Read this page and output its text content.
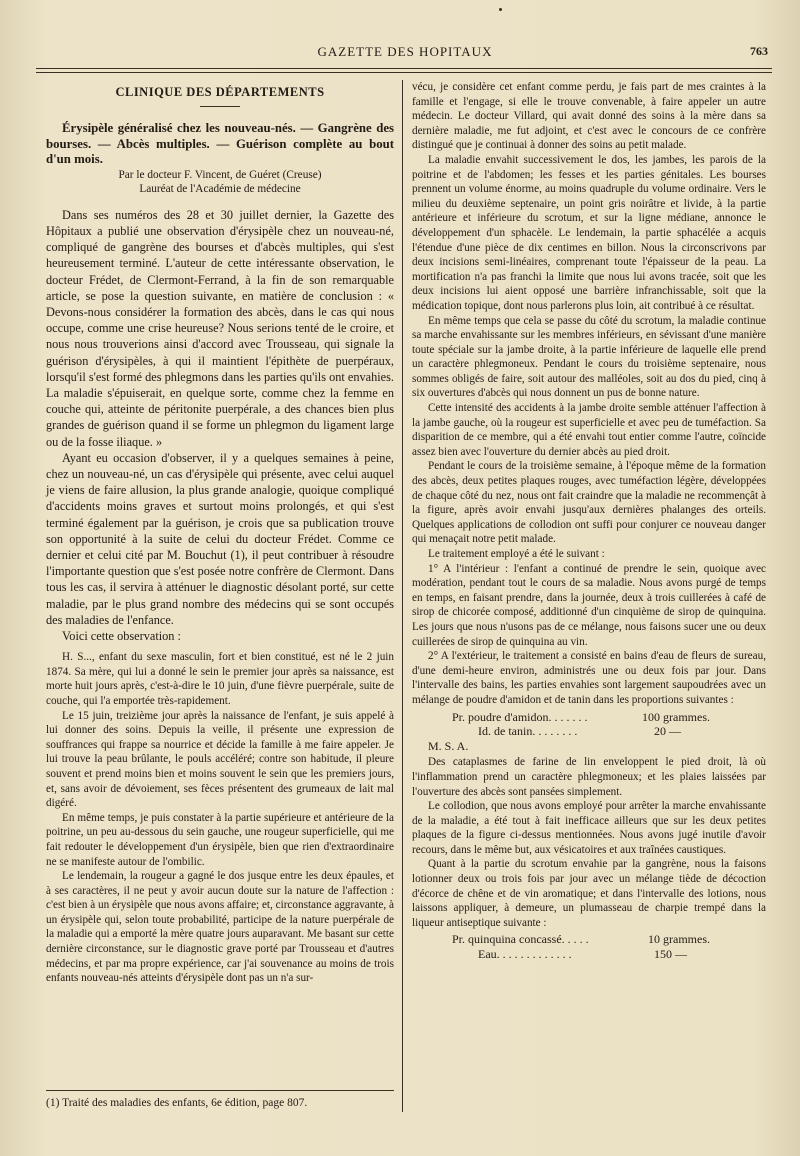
GAZETTE DES HOPITAUX	763
CLINIQUE DES DÉPARTEMENTS

Érysipèle généralisé chez les nouveau-nés. — Gangrène des bourses. — Abcès multiples. — Guérison complète au bout d'un mois.

Par le docteur F. Vincent, de Guéret (Creuse)
Lauréat de l'Académie de médecine

Dans ses numéros des 28 et 30 juillet dernier, la Gazette des Hôpitaux a publié une observation d'érysipèle chez un nouveau-né, compliqué de gangrène des bourses et d'abcès multiples, qui s'est heureusement terminé. L'auteur de cette intéressante observation, le docteur Frédet, de Clermont-Ferrand, à la fin de son remarquable article, se pose la question suivante, en matière de conclusion : « Devons-nous considérer la formation des abcès, dans le cas qui nous occupe, comme une crise heureuse? Nous serions tenté de le croire, et nous nous trouverions ainsi d'accord avec Trousseau, qui signale la guérison d'érysipèles, à qui il maintient l'épithète de puerpéraux, lorsqu'il s'est formé des phlegmons dans les parties qu'ils ont envahies. La maladie s'épuiserait, en quelque sorte, comme chez la femme en couche qui, atteinte de péritonite puerpérale, a des chances bien plus grandes de guérison quand il se forme un phlegmon du ligament large ou de la fosse iliaque. »

Ayant eu occasion d'observer, il y a quelques semaines à peine, chez un nouveau-né, un cas d'érysipèle qui présente, avec celui auquel je viens de faire allusion, la plus grande analogie, quoique compliqué d'accidents moins graves et surtout moins prolongés, et qui s'est terminé également par la guérison, je crois que sa publication trouve son opportunité à la suite de celui du docteur Frédet. Comme ce dernier et celui cité par M. Bouchut (1), il peut contribuer à résoudre l'importante question que s'est posée notre confrère de Clermont. Dans tous les cas, il servira à atténuer le diagnostic désolant porté, sur cette maladie, par le plus grand nombre des médecins qui se sont occupés des maladies de l'enfance.

Voici cette observation :

H. S..., enfant du sexe masculin, fort et bien constitué, est né le 2 juin 1874. Sa mère, qui lui a donné le sein le premier jour après sa naissance, est morte huit jours après, c'est-à-dire le 10 juin, d'une fièvre puerpérale, suite de couche, qui l'a emportée très-rapidement.

Le 15 juin, treizième jour après la naissance de l'enfant, je suis appelé à lui donner des soins. Depuis la veille, il présente une expression de souffrances qui frappe sa nourrice et décide la famille à me faire appeler. Je lui trouve la peau brûlante, le pouls accéléré; contre son habitude, il pleure souvent et prend moins bien et moins souvent le sein que les premiers jours, et, sans avoir de dévoiement, ses fèces présentent des grumeaux de lait mal digéré.

En même temps, je puis constater à la partie supérieure et antérieure de la poitrine, un peu au-dessous du sein gauche, une rougeur superficielle, qui me fait redouter le développement d'un érysipèle, bien que rien d'extraordinaire ne se manifeste autour de l'ombilic.

Le lendemain, la rougeur a gagné le dos jusque entre les deux épaules, et à ses caractères, il ne peut y avoir aucun doute sur la nature de l'affection : c'est bien à un érysipèle que nous avons affaire; et, circonstance aggravante, à un érysipèle qui, selon toute probabilité, participe de la nature puerpérale de la maladie qui a emporté la mère quatre jours auparavant. Me basant sur cette dernière circonstance, sur le diagnostic grave porté par Trousseau et d'autres médecins, et par ma propre expérience, car j'ai souvenance au moins de trois enfants nouveau-nés atteints d'érysipèle dont pas un n'a sur-

(1) Traité des maladies des enfants, 6e édition, page 807.

vécu, je considère cet enfant comme perdu, je fais part de mes craintes à la famille et l'engage, si elle le trouve convenable, à faire appeler un autre médecin. Le docteur Villard, qui avait donné des soins à la mère dans sa dernière maladie, me fut adjoint, et c'est avec le concours de ce confrère distingué que je continuai à donner des soins au petit malade.

La maladie envahit successivement le dos, les jambes, les parois de la poitrine et de l'abdomen; les fesses et les parties génitales. Les bourses prennent un volume énorme, au moins quadruple du volume ordinaire. Vers le milieu du deuxième septenaire, un point gris noirâtre et livide, à la partie antérieure et inférieure du scrotum, et sur la ligne médiane, annonce le développement d'un sphacèle. Le lendemain, la partie sphacélée a acquis l'étendue d'une pièce de dix centimes en billon. Nous la circonscrivons par deux incisions semi-linéaires, comprenant toute l'épaisseur de la peau. La mortification n'a pas franchi la limite que nous lui avons tracée, soit que les deux incisions lui aient opposé une barrière infranchissable, soit que la médication topique, dont nous parlerons plus loin, ait contribué à ce résultat.

En même temps que cela se passe du côté du scrotum, la maladie continue sa marche envahissante sur les membres inférieurs, en sévissant d'une manière toute spéciale sur la jambe droite, à la partie inférieure de laquelle elle prend un caractère phlegmoneux. Pendant le cours du troisième septenaire, nous sommes obligés de faire, soit autour des malléoles, soit au dos du pied, cinq à six ouvertures d'abcès qui nous donnent un pus de bonne nature.

Cette intensité des accidents à la jambe droite semble atténuer l'affection à la jambe gauche, où la rougeur est superficielle et avec peu de tuméfaction. Sa disparition de ce membre, qui a été envahi tout entier comme l'autre, coïncide assez bien avec l'ouverture du dernier abcès au pied droit.

Pendant le cours de la troisième semaine, à l'époque même de la formation des abcès, deux petites plaques rouges, avec tuméfaction légère, développées de chaque côté du nez, nous ont fait craindre que la maladie ne recommençât à la figure, après avoir envahi jusqu'aux dernières phalanges des orteils. Quelques applications de collodion ont suffi pour conjurer ce nouveau danger qui menaçait notre petit malade.

Le traitement employé a été le suivant :

1° A l'intérieur : l'enfant a continué de prendre le sein, quoique avec modération, pendant tout le cours de sa maladie. Nous avons purgé de temps en temps, en faisant prendre, dans la journée, deux à trois cuillerées à café de sirop de chicorée composé, additionné d'un cinquième de sirop de quinquina. Les jours que nous n'usons pas de ce mélange, nous faisons sucer une ou deux cuillerées de sirop de quinquina au vin.

2° A l'extérieur, le traitement a consisté en bains d'eau de fleurs de sureau, d'une demi-heure environ, administrés une ou deux fois par jour. Dans l'intervalle des bains, les parties envahies sont largement saupoudrées avec un mélange de poudre d'amidon et de tanin dans les proportions suivantes :

Pr. poudre d'amidon. . . . . . .	100 grammes.
Id. de tanin. . . . . . . .	20 —
M. S. A.

Des cataplasmes de farine de lin enveloppent le pied droit, là où l'inflammation prend un caractère phlegmoneux; et les plaies laissées par l'ouverture des abcès sont pansées simplement.

Le collodion, que nous avons employé pour arrêter la marche envahissante de la maladie, a été tout à fait inefficace ailleurs que sur les deux petites plaques de la figure ci-dessus mentionnées. Nous avons jugé inutile d'avoir recours, dans le même but, aux vésicatoires et aux traînées caustiques.

Quant à la partie du scrotum envahie par la gangrène, nous la faisons lotionner deux ou trois fois par jour avec un mélange tiède de décoction d'écorce de chêne et de vin aromatique; et dans l'intervalle des lotions, nous laissons appliquer, à demeure, un plumasseau de charpie trempé dans la liqueur antiseptique suivante :

Pr. quinquina concassé. . . . .	10 grammes.
Eau. . . . . . . . . . . . .	150 —
